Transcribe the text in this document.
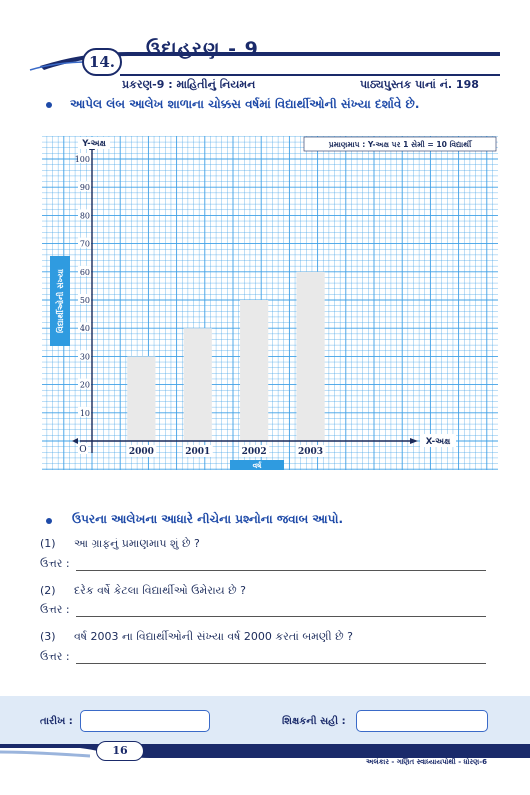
14.
ઉદાહરણ - 9
પ્રકરણ-9 : માહિતીનું નિયમન	પાઠ્યપુસ્તક પાનાં નં. 198
આપેલ લંબ આલેખ શાળાના ચોક્કસ વર્ષમાં વિદ્યાર્થીઓની સંખ્યા દર્શાવે છે.
10
20
30
40
50
60
70
80
90
100
2000	2001	2002	2003
O
Y-અક્ષ
X-અક્ષ
પ્રમાણમાપ : Y-અક્ષ પર 1 સેમી = 10 વિદ્યાર્થી
વિદ્યાર્થીઓની સંખ્યા
વર્ષ
ઉપરના આલેખના આધારે નીચેના પ્રશ્નોના જવાબ આપો.
(1) આ ગ્રાફનું પ્રમાણમાપ શું છે ?
ઉત્તર :
(2) દરેક વર્ષે કેટલા વિદ્યાર્થીઓ ઉમેરાય છે ?
ઉત્તર :
(3) વર્ષ 2003 ના વિદ્યાર્થીઓની સંખ્યા વર્ષ 2000 કરતાં બમણી છે ?
ઉત્તર :
તારીખ :	શિક્ષકની સહી :
16
અલંકાર - ગણિત સ્વાધ્યાયપોથી - ધોરણ-6
